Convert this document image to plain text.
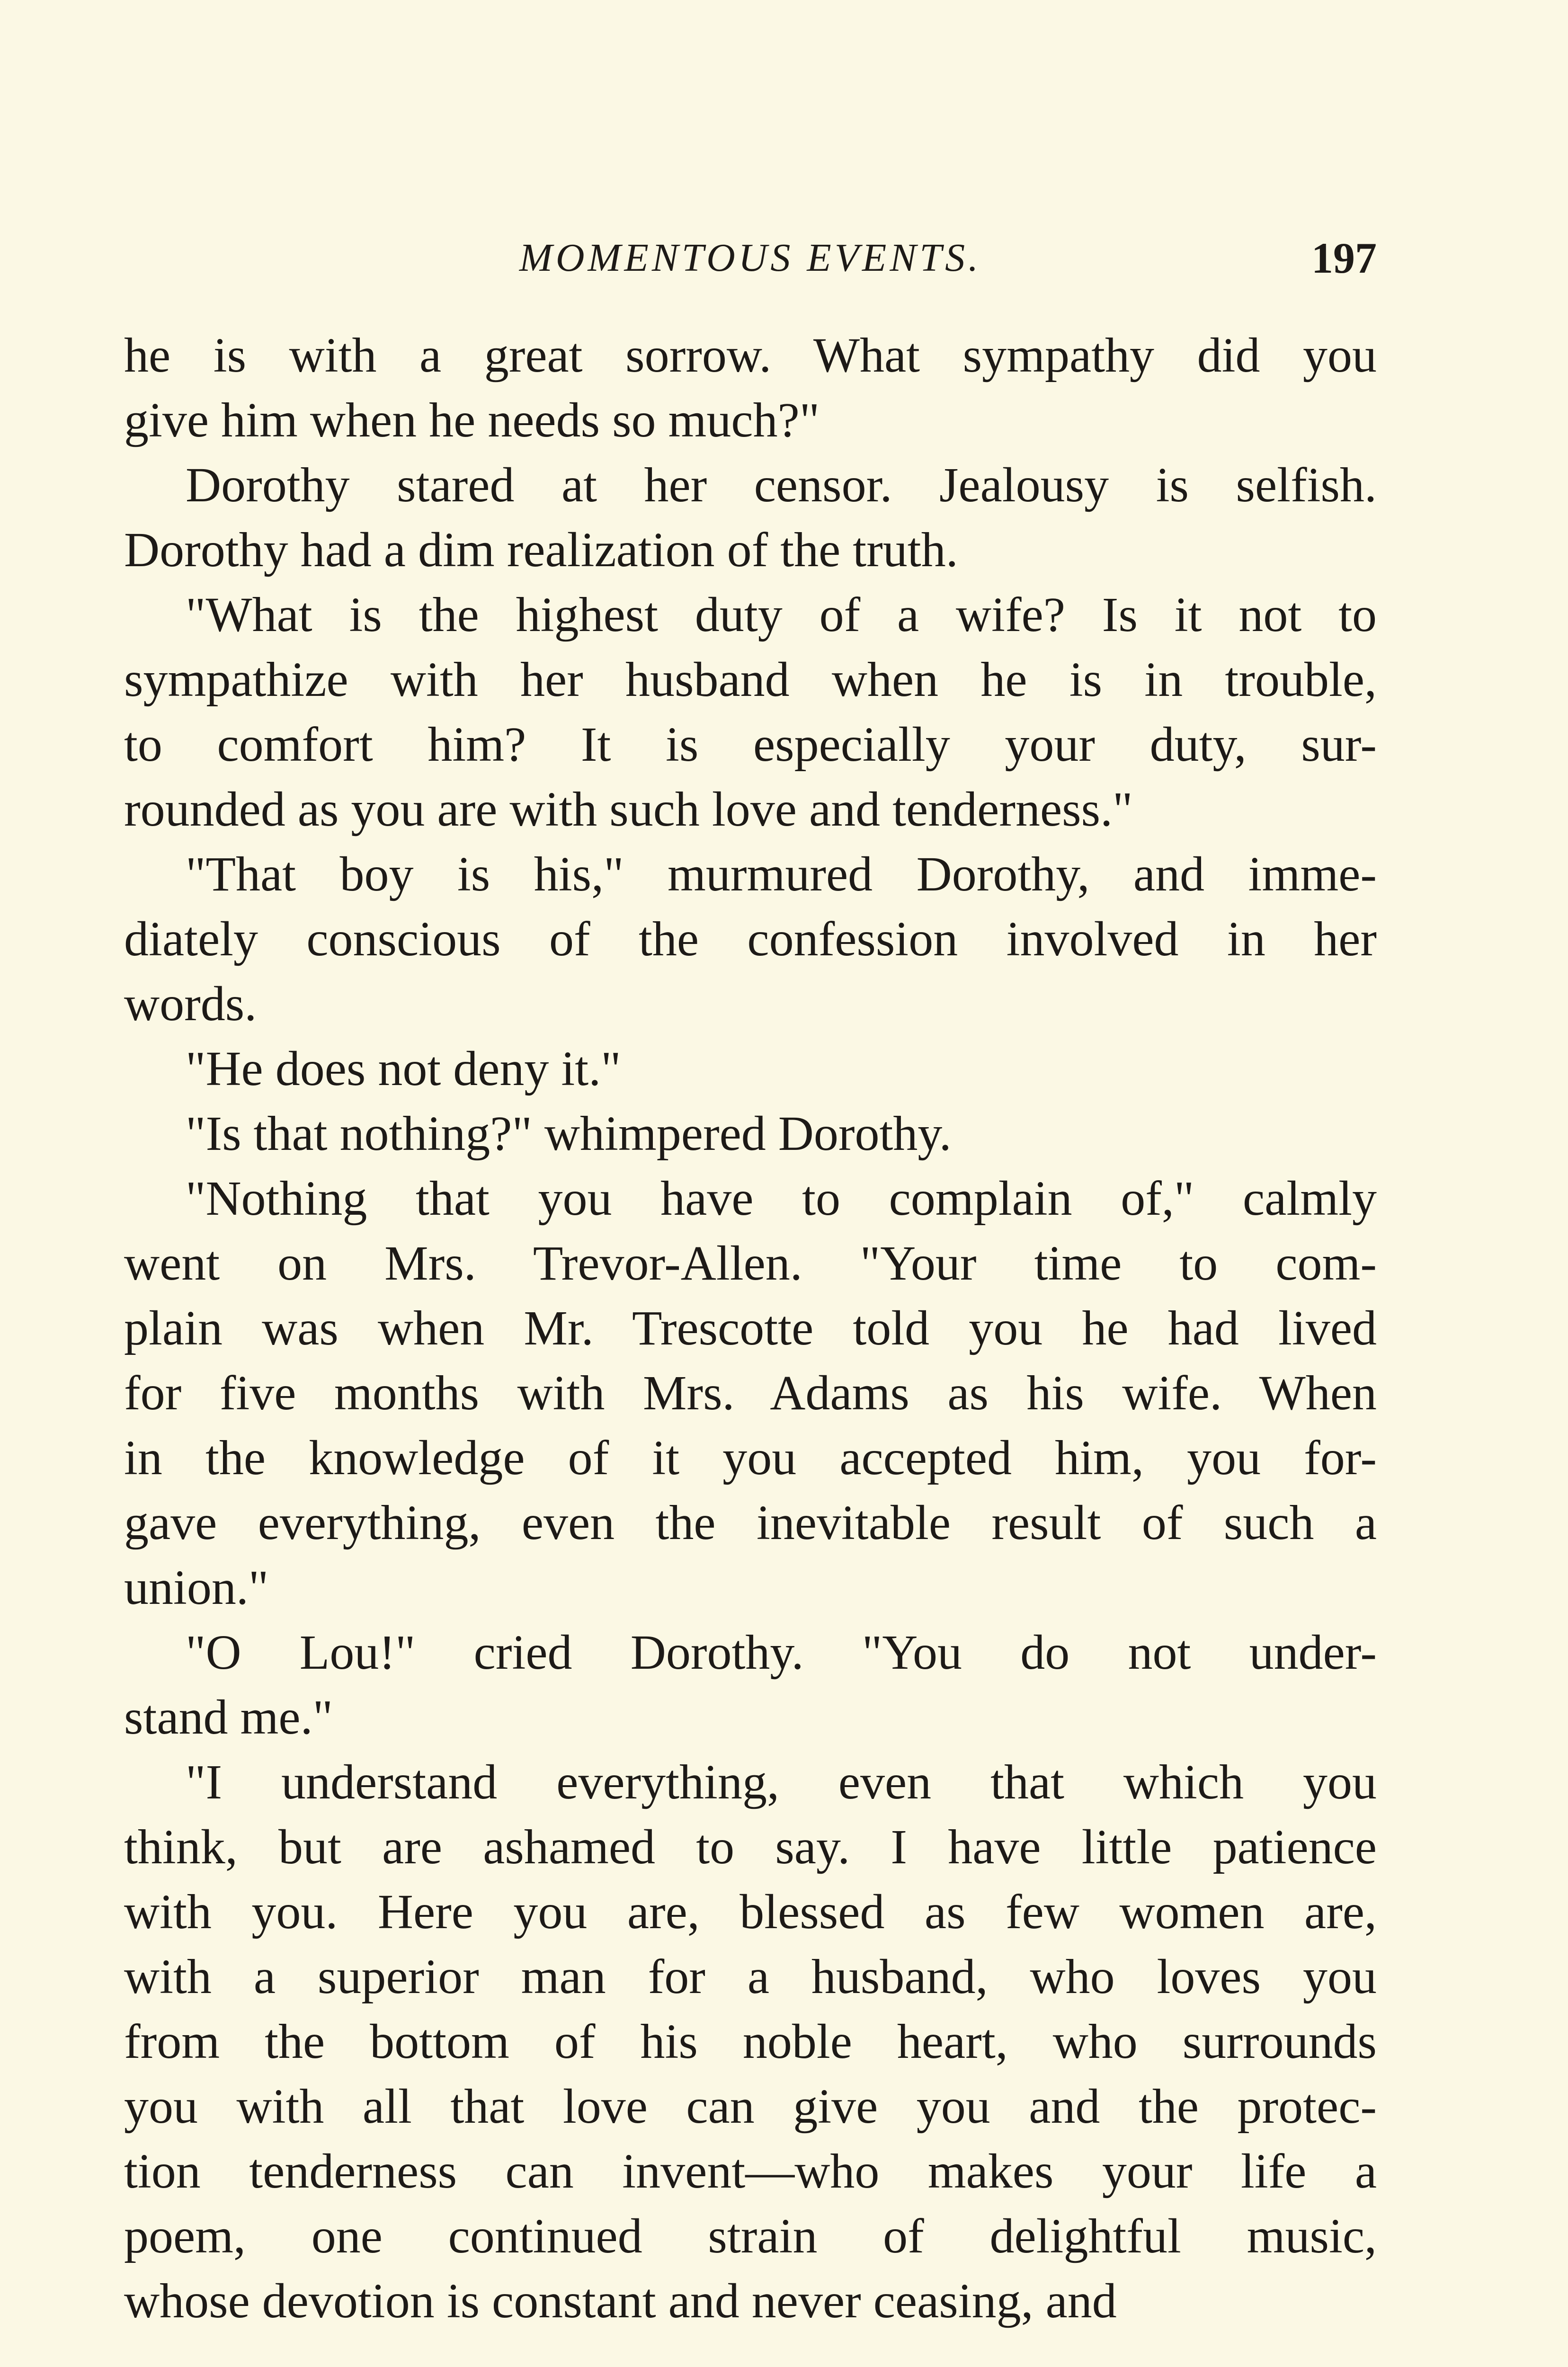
MOMENTOUS EVENTS.	197
he is with a great sorrow. What sympathy did you
give him when he needs so much?"
Dorothy stared at her censor. Jealousy is selfish.
Dorothy had a dim realization of the truth.
"What is the highest duty of a wife? Is it not to
sympathize with her husband when he is in trouble,
to comfort him? It is especially your duty, sur-
rounded as you are with such love and tenderness."
"That boy is his," murmured Dorothy, and imme-
diately conscious of the confession involved in her
words.
"He does not deny it."
"Is that nothing?" whimpered Dorothy.
"Nothing that you have to complain of," calmly
went on Mrs. Trevor-Allen. "Your time to com-
plain was when Mr. Trescotte told you he had lived
for five months with Mrs. Adams as his wife. When
in the knowledge of it you accepted him, you for-
gave everything, even the inevitable result of such a
union."
"O Lou!" cried Dorothy. "You do not under-
stand me."
"I understand everything, even that which you
think, but are ashamed to say. I have little patience
with you. Here you are, blessed as few women are,
with a superior man for a husband, who loves you
from the bottom of his noble heart, who surrounds
you with all that love can give you and the protec-
tion tenderness can invent—who makes your life a
poem, one continued strain of delightful music,
whose devotion is constant and never ceasing, and
